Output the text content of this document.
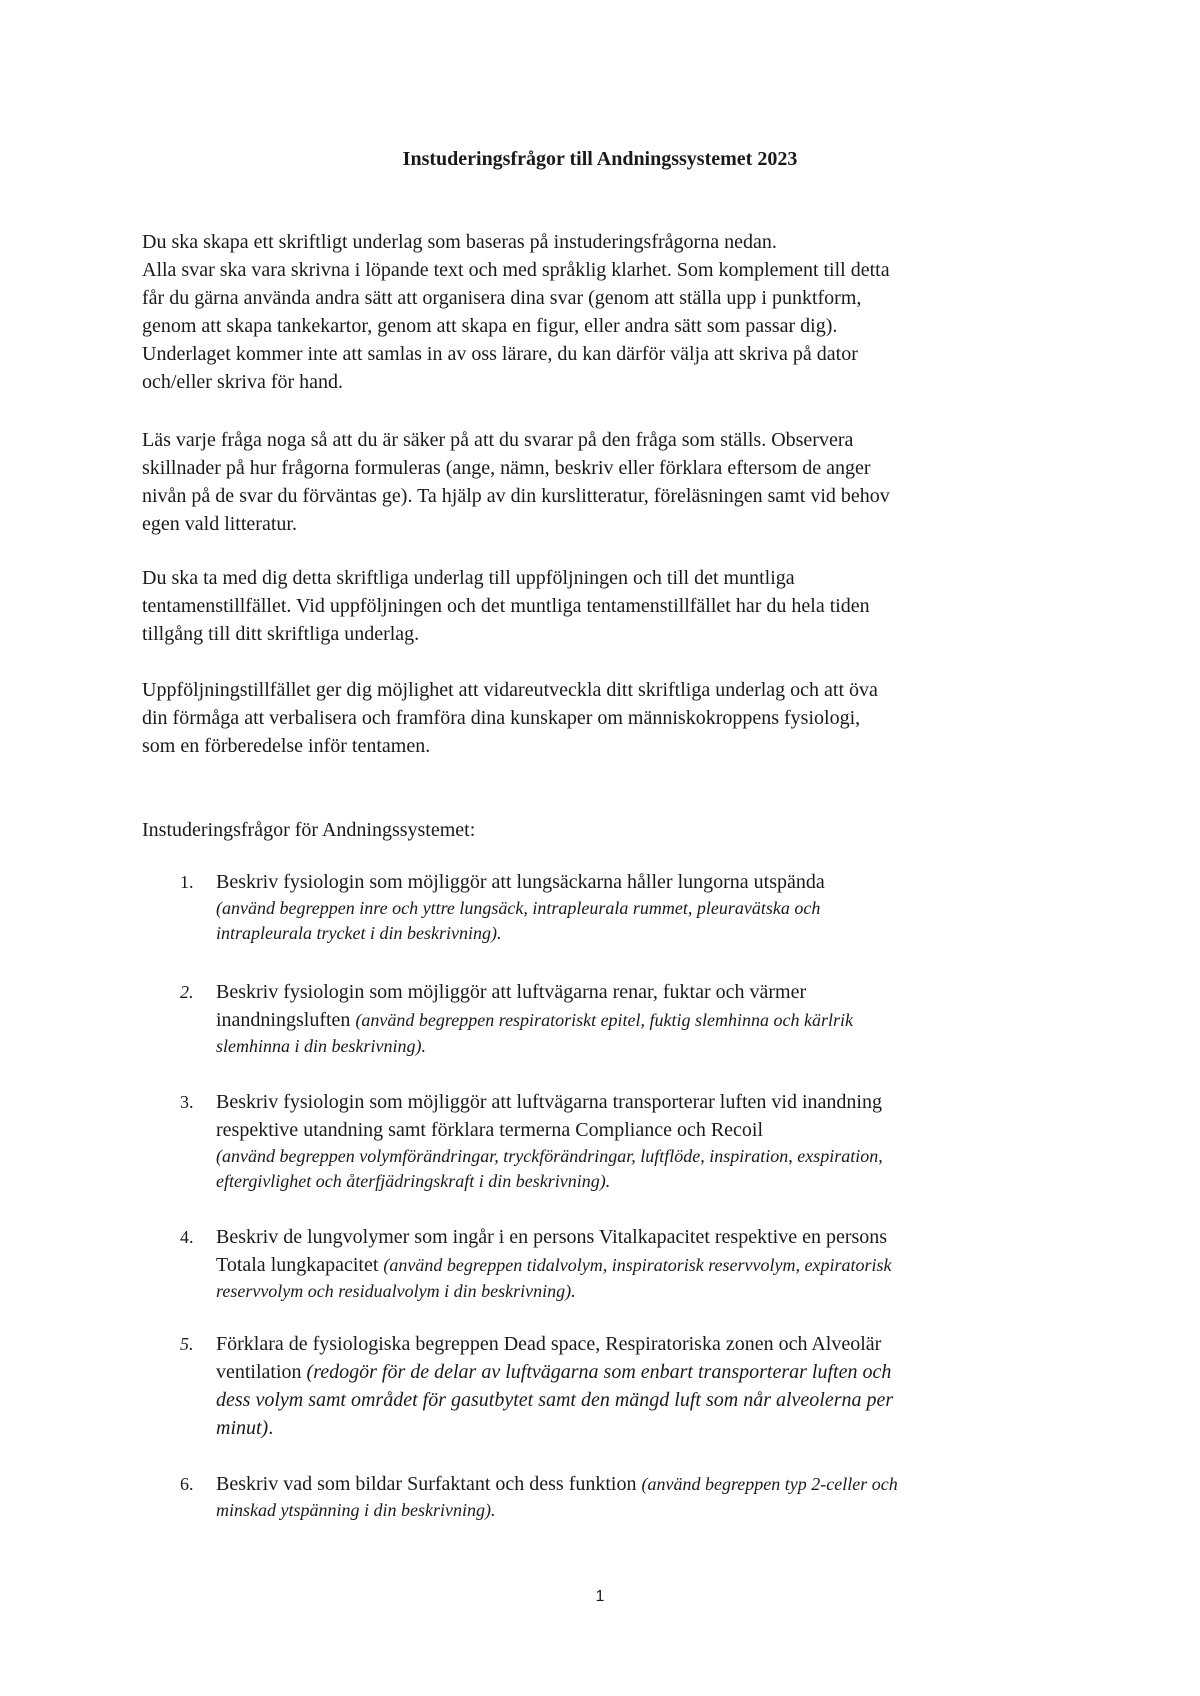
Instuderingsfrågor till Andningssystemet 2023
Du ska skapa ett skriftligt underlag som baseras på instuderingsfrågorna nedan.
Alla svar ska vara skrivna i löpande text och med språklig klarhet. Som komplement till detta
får du gärna använda andra sätt att organisera dina svar (genom att ställa upp i punktform,
genom att skapa tankekartor, genom att skapa en figur, eller andra sätt som passar dig).
Underlaget kommer inte att samlas in av oss lärare, du kan därför välja att skriva på dator
och/eller skriva för hand.
Läs varje fråga noga så att du är säker på att du svarar på den fråga som ställs. Observera
skillnader på hur frågorna formuleras (ange, nämn, beskriv eller förklara eftersom de anger
nivån på de svar du förväntas ge). Ta hjälp av din kurslitteratur, föreläsningen samt vid behov
egen vald litteratur.
Du ska ta med dig detta skriftliga underlag till uppföljningen och till det muntliga
tentamenstillfället. Vid uppföljningen och det muntliga tentamenstillfället har du hela tiden
tillgång till ditt skriftliga underlag.
Uppföljningstillfället ger dig möjlighet att vidareutveckla ditt skriftliga underlag och att öva
din förmåga att verbalisera och framföra dina kunskaper om människokroppens fysiologi,
som en förberedelse inför tentamen.
Instuderingsfrågor för Andningssystemet:
1.	Beskriv fysiologin som möjliggör att lungsäckarna håller lungorna utspända
(använd begreppen inre och yttre lungsäck, intrapleurala rummet, pleuravätska och
intrapleurala trycket i din beskrivning).
2.	Beskriv fysiologin som möjliggör att luftvägarna renar, fuktar och värmer
inandningsluften (använd begreppen respiratoriskt epitel, fuktig slemhinna och kärlrik
slemhinna i din beskrivning).
3.	Beskriv fysiologin som möjliggör att luftvägarna transporterar luften vid inandning
respektive utandning samt förklara termerna Compliance och Recoil
(använd begreppen volymförändringar, tryckförändringar, luftflöde, inspiration, exspiration,
eftergivlighet och återfjädringskraft i din beskrivning).
4.	Beskriv de lungvolymer som ingår i en persons Vitalkapacitet respektive en persons
Totala lungkapacitet (använd begreppen tidalvolym, inspiratorisk reservvolym, expiratorisk
reservvolym och residualvolym i din beskrivning).
5.	Förklara de fysiologiska begreppen Dead space, Respiratoriska zonen och Alveolär
ventilation (redogör för de delar av luftvägarna som enbart transporterar luften och
dess volym samt området för gasutbytet samt den mängd luft som når alveolerna per
minut).
6.	Beskriv vad som bildar Surfaktant och dess funktion (använd begreppen typ 2-celler och
minskad ytspänning i din beskrivning).
1
